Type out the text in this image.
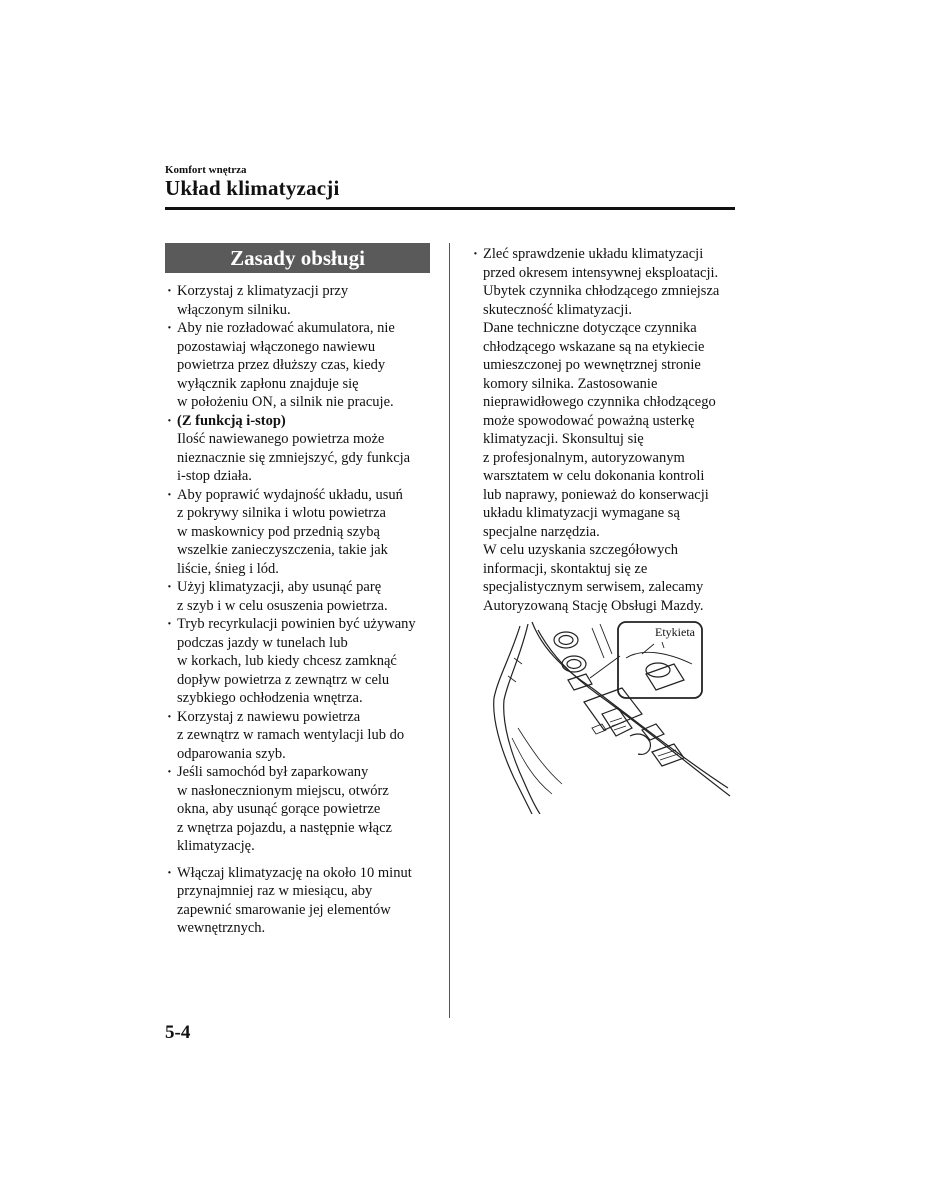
Komfort wnętrza
Układ klimatyzacji
Zasady obsługi

· Korzystaj z klimatyzacji przy

włączonym silniku.

· Aby nie rozładować akumulatora, nie

pozostawiaj włączonego nawiewu

powietrza przez dłuższy czas, kiedy

wyłącznik zapłonu znajduje się

w położeniu ON, a silnik nie pracuje.

· (Z funkcją i-stop)

Ilość nawiewanego powietrza może

nieznacznie się zmniejszyć, gdy funkcja

i-stop działa.

· Aby poprawić wydajność układu, usuń

z pokrywy silnika i wlotu powietrza

w maskownicy pod przednią szybą

wszelkie zanieczyszczenia, takie jak

liście, śnieg i lód.

· Użyj klimatyzacji, aby usunąć parę

z szyb i w celu osuszenia powietrza.

· Tryb recyrkulacji powinien być używany

podczas jazdy w tunelach lub

w korkach, lub kiedy chcesz zamknąć

dopływ powietrza z zewnątrz w celu

szybkiego ochłodzenia wnętrza.

· Korzystaj z nawiewu powietrza

z zewnątrz w ramach wentylacji lub do

odparowania szyb.

· Jeśli samochód był zaparkowany

w nasłonecznionym miejscu, otwórz

okna, aby usunąć gorące powietrze

z wnętrza pojazdu, a następnie włącz

klimatyzację.

· Włączaj klimatyzację na około 10 minut

przynajmniej raz w miesiącu, aby

zapewnić smarowanie jej elementów

wewnętrznych.

· Zleć sprawdzenie układu klimatyzacji

przed okresem intensywnej eksploatacji.

Ubytek czynnika chłodzącego zmniejsza

skuteczność klimatyzacji.

Dane techniczne dotyczące czynnika

chłodzącego wskazane są na etykiecie

umieszczonej po wewnętrznej stronie

komory silnika. Zastosowanie

nieprawidłowego czynnika chłodzącego

może spowodować poważną usterkę

klimatyzacji. Skonsultuj się

z profesjonalnym, autoryzowanym

warsztatem w celu dokonania kontroli

lub naprawy, ponieważ do konserwacji

układu klimatyzacji wymagane są

specjalne narzędzia.

W celu uzyskania szczegółowych

informacji, skontaktuj się ze

specjalistycznym serwisem, zalecamy

Autoryzowaną Stację Obsługi Mazdy.

Etykieta
5-4
